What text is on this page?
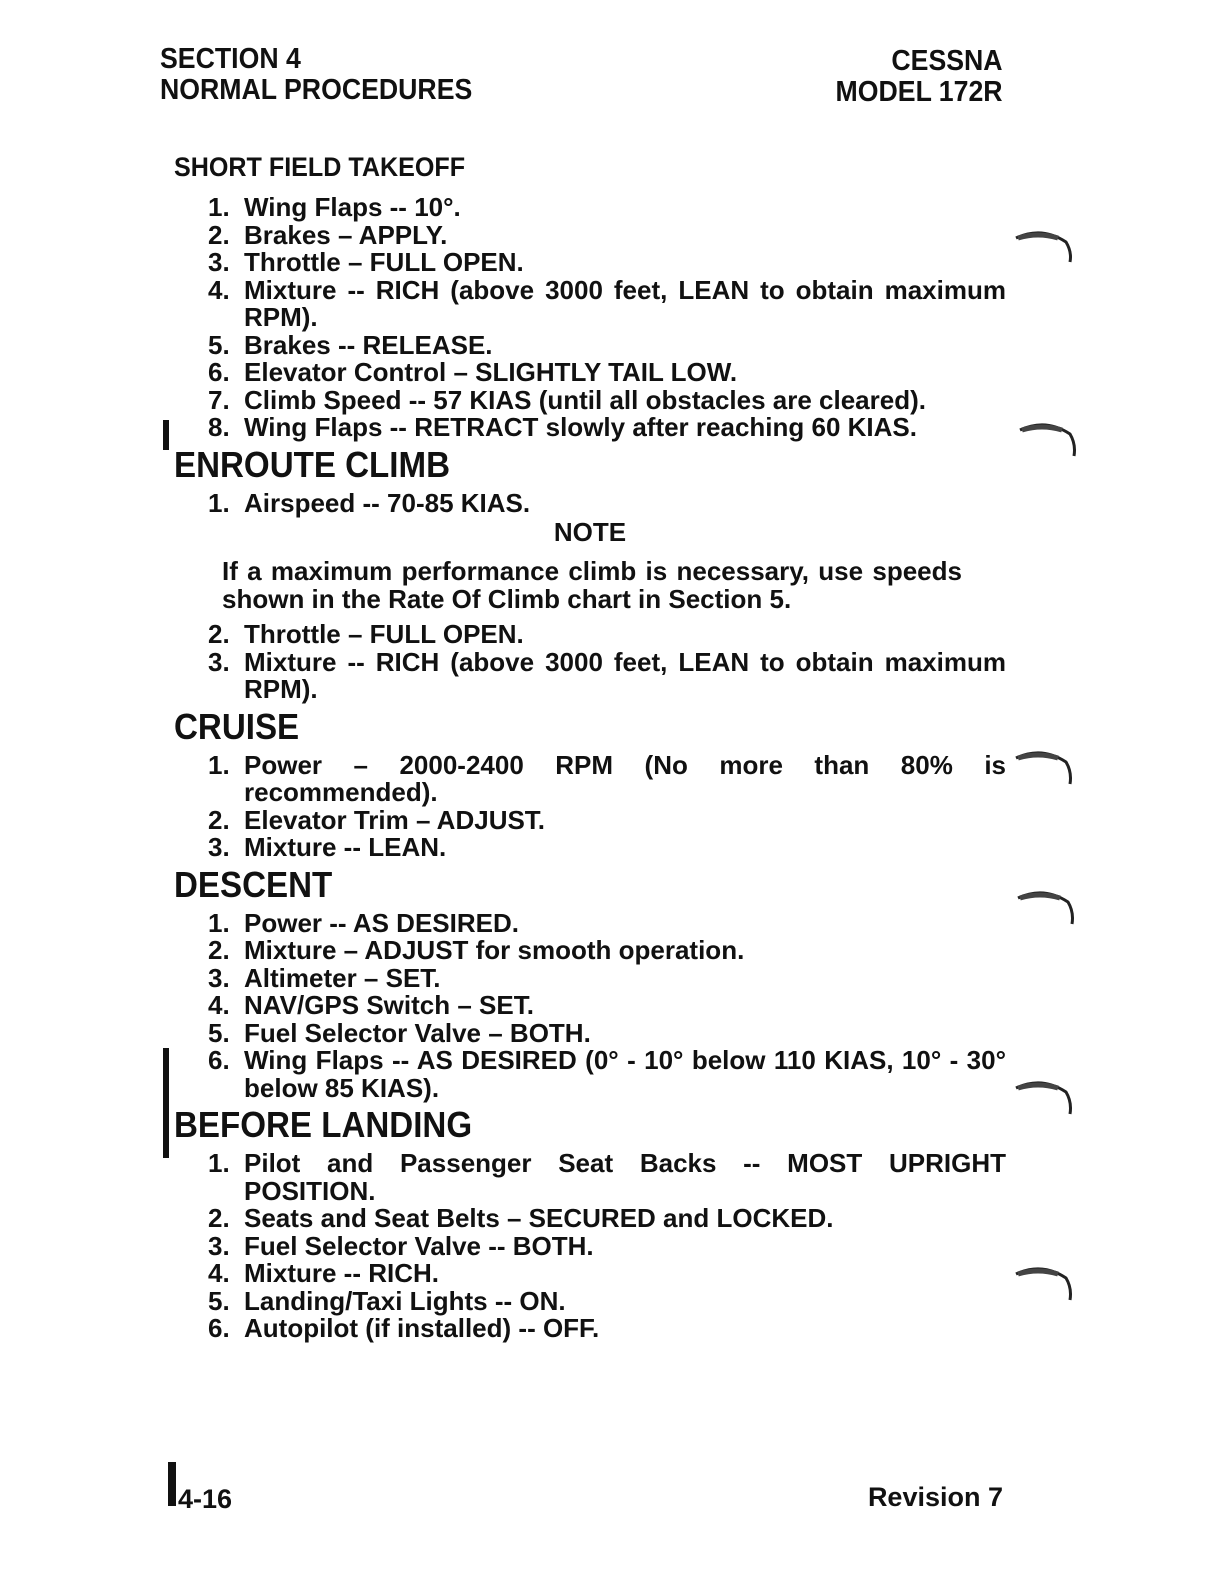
SECTION 4
NORMAL PROCEDURES
CESSNA
MODEL 172R
SHORT FIELD TAKEOFF
1. Wing Flaps -- 10°.
2. Brakes – APPLY.
3. Throttle – FULL OPEN.
4. Mixture -- RICH (above 3000 feet, LEAN to obtain maximum RPM).
5. Brakes -- RELEASE.
6. Elevator Control – SLIGHTLY TAIL LOW.
7. Climb Speed -- 57 KIAS (until all obstacles are cleared).
8. Wing Flaps -- RETRACT slowly after reaching 60 KIAS.
ENROUTE CLIMB
1. Airspeed -- 70-85 KIAS.
NOTE
If a maximum performance climb is necessary, use speeds shown in the Rate Of Climb chart in Section 5.
2. Throttle – FULL OPEN.
3. Mixture -- RICH (above 3000 feet, LEAN to obtain maximum RPM).
CRUISE
1. Power – 2000-2400 RPM (No more than 80% is recommended).
2. Elevator Trim – ADJUST.
3. Mixture -- LEAN.
DESCENT
1. Power -- AS DESIRED.
2. Mixture – ADJUST for smooth operation.
3. Altimeter – SET.
4. NAV/GPS Switch – SET.
5. Fuel Selector Valve – BOTH.
6. Wing Flaps -- AS DESIRED (0° - 10° below 110 KIAS, 10° - 30° below 85 KIAS).
BEFORE LANDING
1. Pilot and Passenger Seat Backs -- MOST UPRIGHT POSITION.
2. Seats and Seat Belts – SECURED and LOCKED.
3. Fuel Selector Valve -- BOTH.
4. Mixture -- RICH.
5. Landing/Taxi Lights -- ON.
6. Autopilot (if installed) -- OFF.
4-16	Revision 7
